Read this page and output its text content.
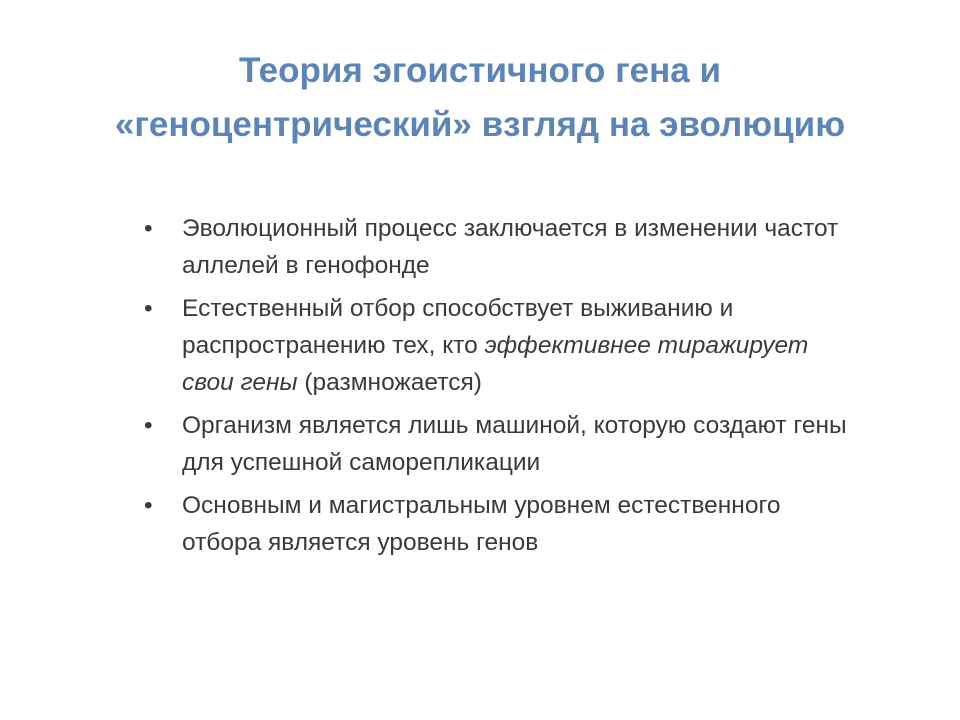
Теория эгоистичного гена и
«геноцентрический» взгляд на эволюцию
•	Эволюционный процесс заключается в изменении частот аллелей в генофонде
•	Естественный отбор способствует выживанию и распространению тех, кто эффективнее тиражирует свои гены (размножается)
•	Организм является лишь машиной, которую создают гены для успешной саморепликации
•	Основным и магистральным уровнем естественного отбора является уровень генов
